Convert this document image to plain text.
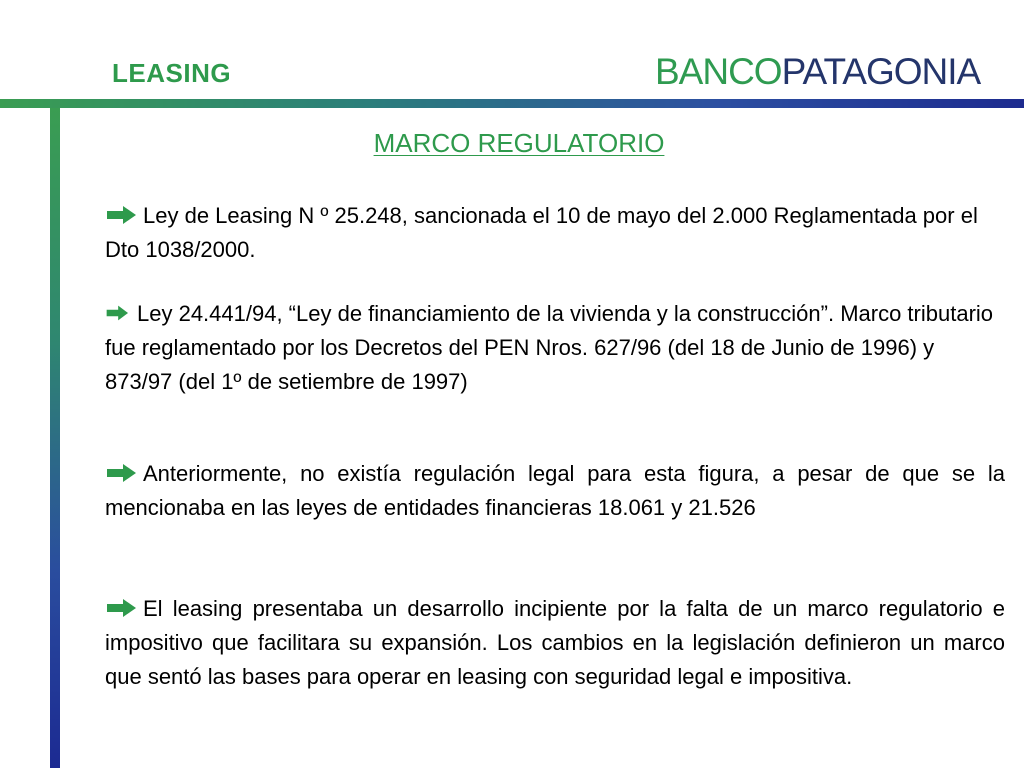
LEASING	BANCOPATAGONIA
MARCO REGULATORIO
Ley de Leasing N º 25.248, sancionada el 10 de mayo del 2.000 Reglamentada por el Dto 1038/2000.
Ley 24.441/94, “Ley de financiamiento de la vivienda y la construcción”. Marco tributario fue reglamentado por los Decretos del PEN Nros. 627/96 (del 18 de Junio de 1996) y 873/97 (del 1º de setiembre de 1997)
Anteriormente, no existía regulación legal para esta figura, a pesar de que se la mencionaba en las leyes de entidades financieras 18.061 y 21.526
El leasing presentaba un desarrollo incipiente por la falta de un marco regulatorio e impositivo que facilitara su expansión. Los cambios en la legislación definieron un marco que sentó las bases para operar en leasing con seguridad legal e impositiva.
